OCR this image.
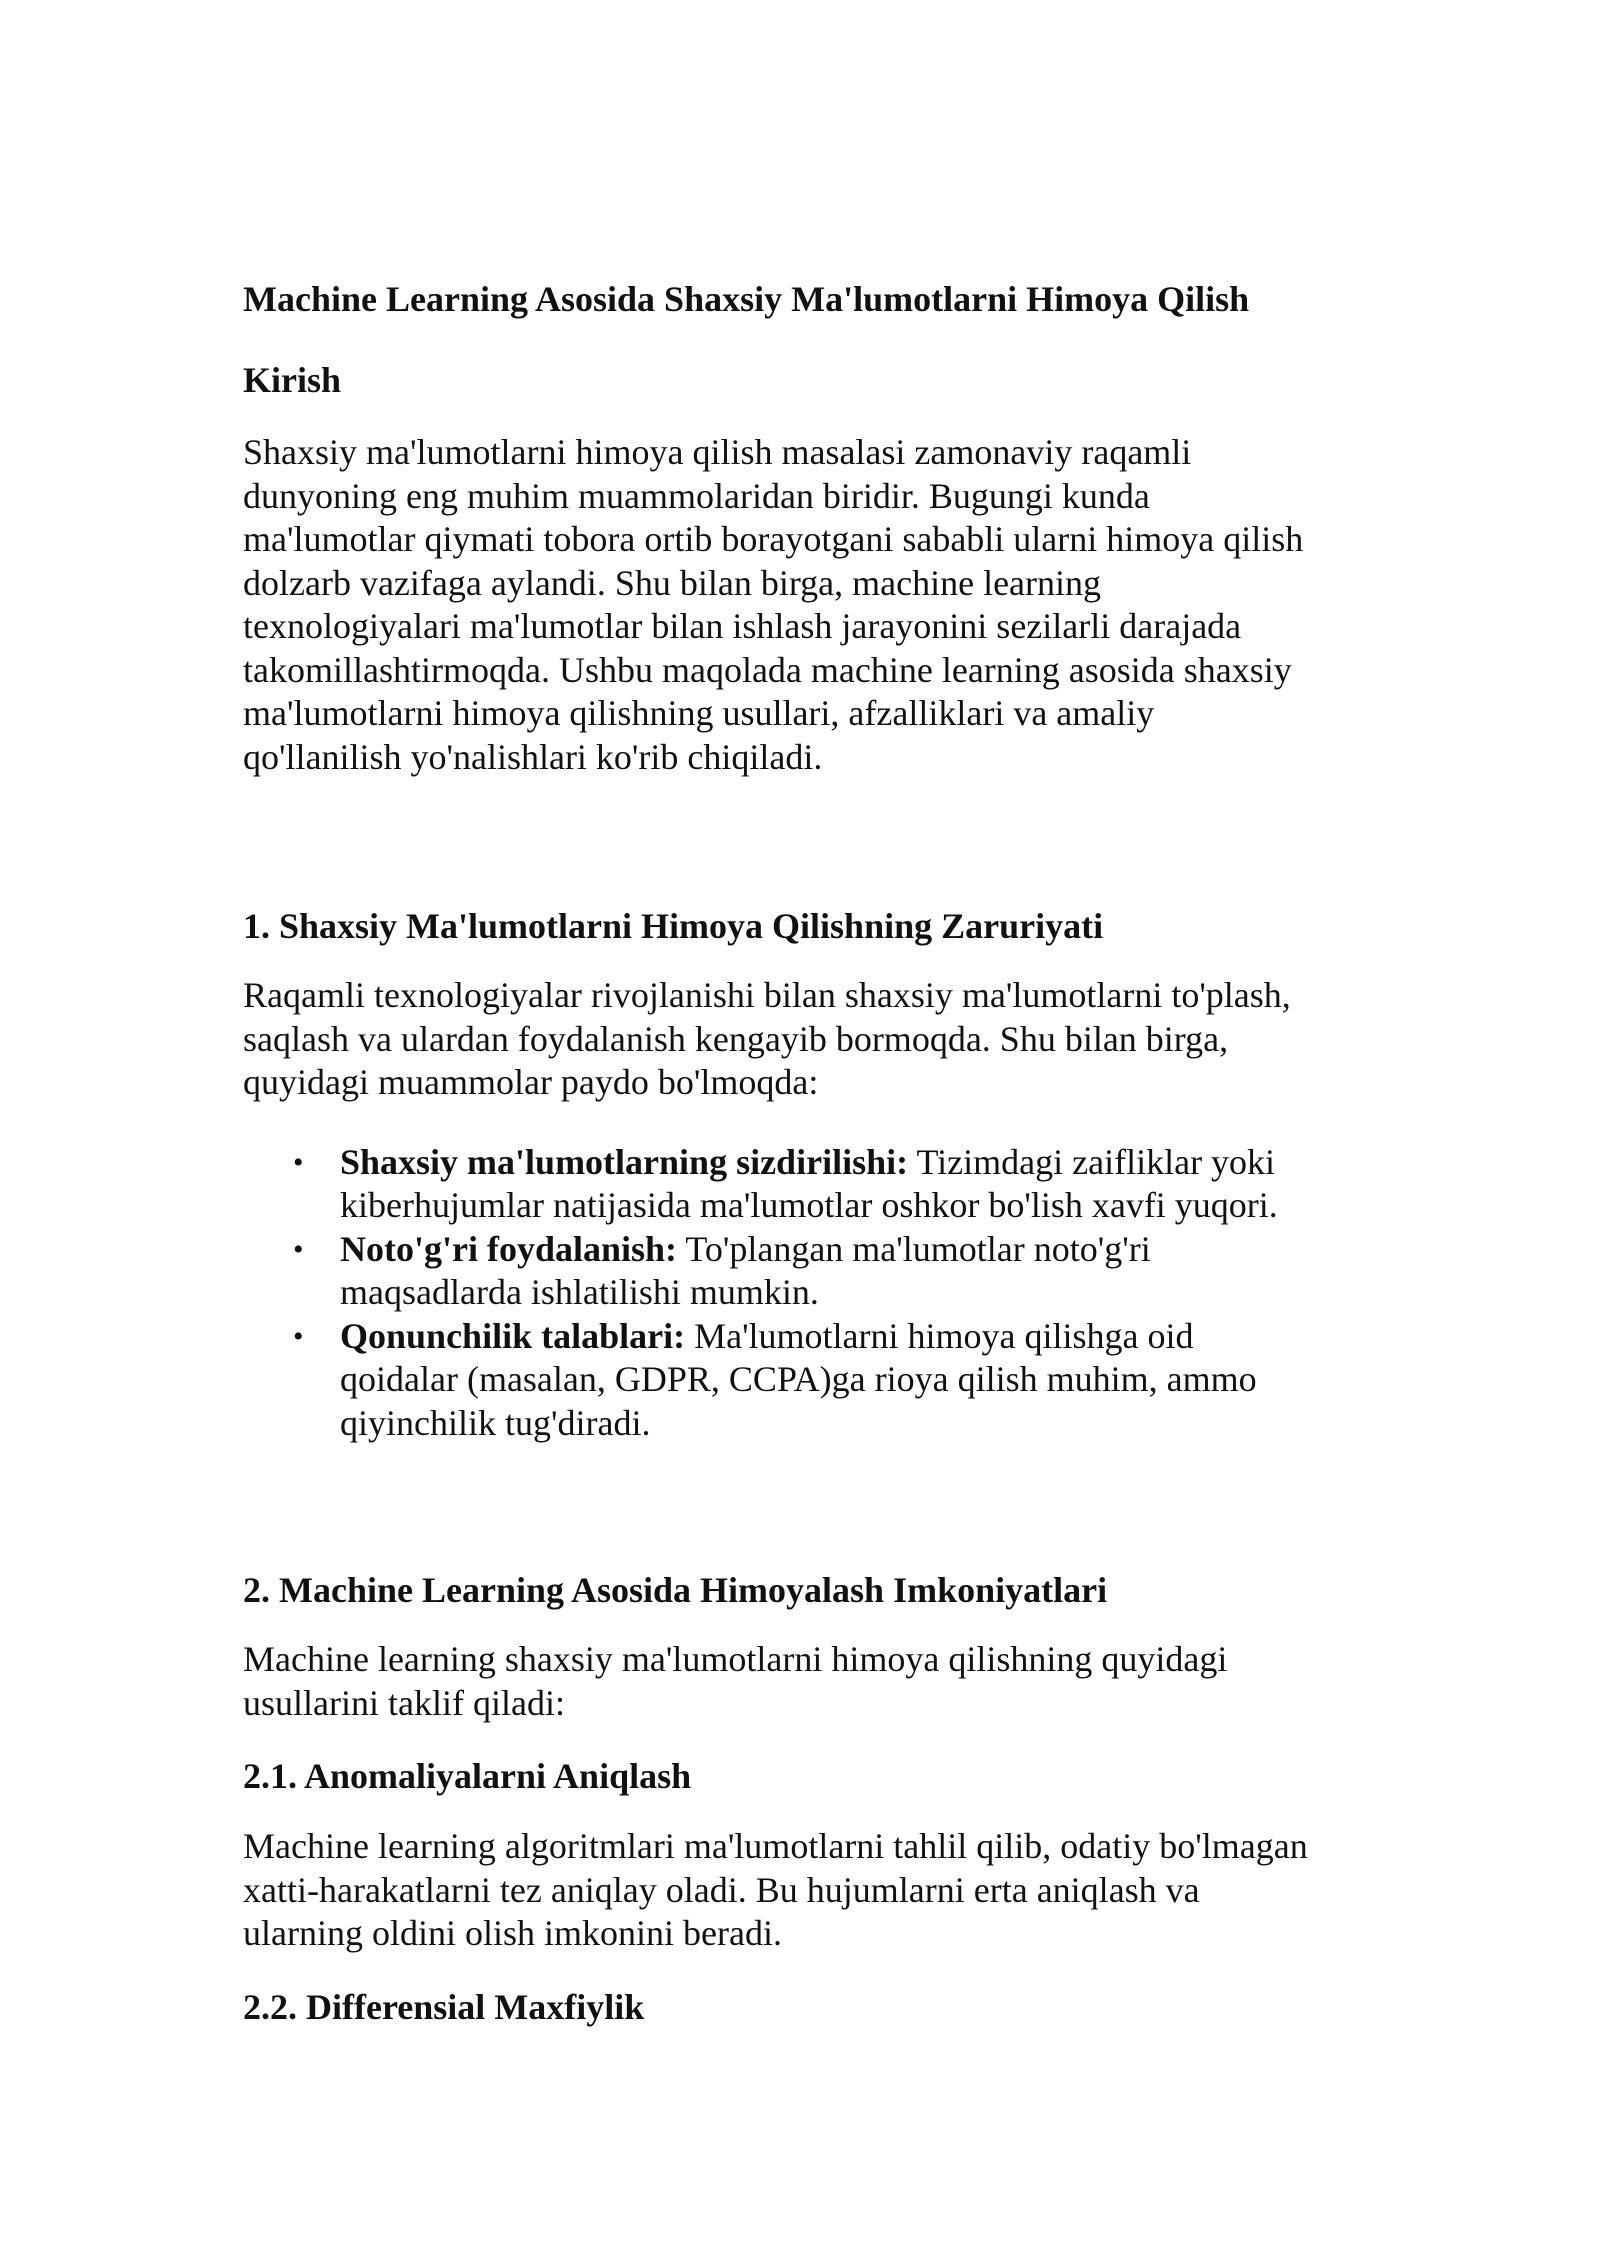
Machine Learning Asosida Shaxsiy Ma'lumotlarni Himoya Qilish
Kirish

Shaxsiy ma'lumotlarni himoya qilish masalasi zamonaviy raqamli
dunyoning eng muhim muammolaridan biridir. Bugungi kunda
ma'lumotlar qiymati tobora ortib borayotgani sababli ularni himoya qilish
dolzarb vazifaga aylandi. Shu bilan birga, machine learning
texnologiyalari ma'lumotlar bilan ishlash jarayonini sezilarli darajada
takomillashtirmoqda. Ushbu maqolada machine learning asosida shaxsiy
ma'lumotlarni himoya qilishning usullari, afzalliklari va amaliy
qo'llanilish yo'nalishlari ko'rib chiqiladi.

1. Shaxsiy Ma'lumotlarni Himoya Qilishning Zaruriyati

Raqamli texnologiyalar rivojlanishi bilan shaxsiy ma'lumotlarni to'plash,
saqlash va ulardan foydalanish kengayib bormoqda. Shu bilan birga,
quyidagi muammolar paydo bo'lmoqda:

• Shaxsiy ma'lumotlarning sizdirilishi: Tizimdagi zaifliklar yoki
kiberhujumlar natijasida ma'lumotlar oshkor bo'lish xavfi yuqori.
• Noto'g'ri foydalanish: To'plangan ma'lumotlar noto'g'ri
maqsadlarda ishlatilishi mumkin.
• Qonunchilik talablari: Ma'lumotlarni himoya qilishga oid
qoidalar (masalan, GDPR, CCPA)ga rioya qilish muhim, ammo
qiyinchilik tug'diradi.
2. Machine Learning Asosida Himoyalash Imkoniyatlari

Machine learning shaxsiy ma'lumotlarni himoya qilishning quyidagi
usullarini taklif qiladi:

2.1. Anomaliyalarni Aniqlash

Machine learning algoritmlari ma'lumotlarni tahlil qilib, odatiy bo'lmagan
xatti-harakatlarni tez aniqlay oladi. Bu hujumlarni erta aniqlash va
ularning oldini olish imkonini beradi.

2.2. Differensial Maxfiylik
